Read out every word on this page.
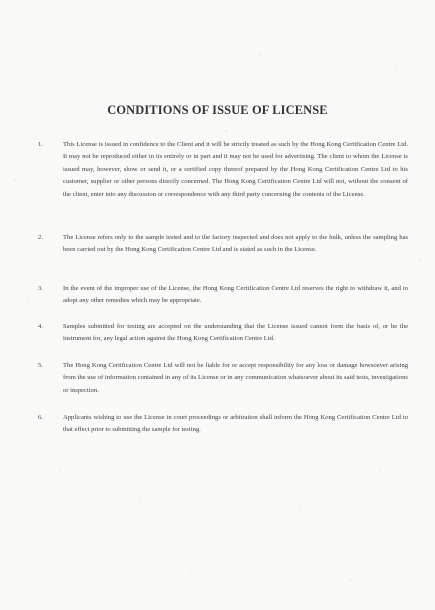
CONDITIONS OF ISSUE OF LICENSE
1.	This License is issued in confidence to the Client and it will be strictly treated as such by the Hong Kong Certification Centre Ltd. It may not be reproduced either in its entirely or in part and it may not be used for advertising. The client to whom the License is issued may, however, show or send it, or a certified copy thereof prepared by the Hong Kong Certification Centre Ltd to his customer, supplier or other persons directly concerned. The Hong Kong Certification Centre Ltd will not, without the consent of the client, enter into any discussion or correspondence with any third party concerning the contents of the License.
2.	The License refers only to the sample tested and to the factory inspected and does not apply to the bulk, unless the sampling has been carried out by the Hong Kong Certification Centre Ltd and is stated as such in the License.
3.	In the event of the improper use of the License, the Hong Kong Certification Centre Ltd reserves the right to withdraw it, and to adopt any other remedies which may be appropriate.
4.	Samples submitted for testing are accepted on the understanding that the License issued cannot form the basis of, or be the instrument for, any legal action against the Hong Kong Certification Centre Ltd.
5.	The Hong Kong Certification Centre Ltd will not be liable for or accept responsibility for any loss or damage howsoever arising from the use of information contained in any of its License or in any communication whatsoever about its said tests, investigations or inspection.
6.	Applicants wishing to use the License in court proceedings or arbitration shall inform the Hong Kong Certification Centre Ltd to that effect prior to submitting the sample for testing.
